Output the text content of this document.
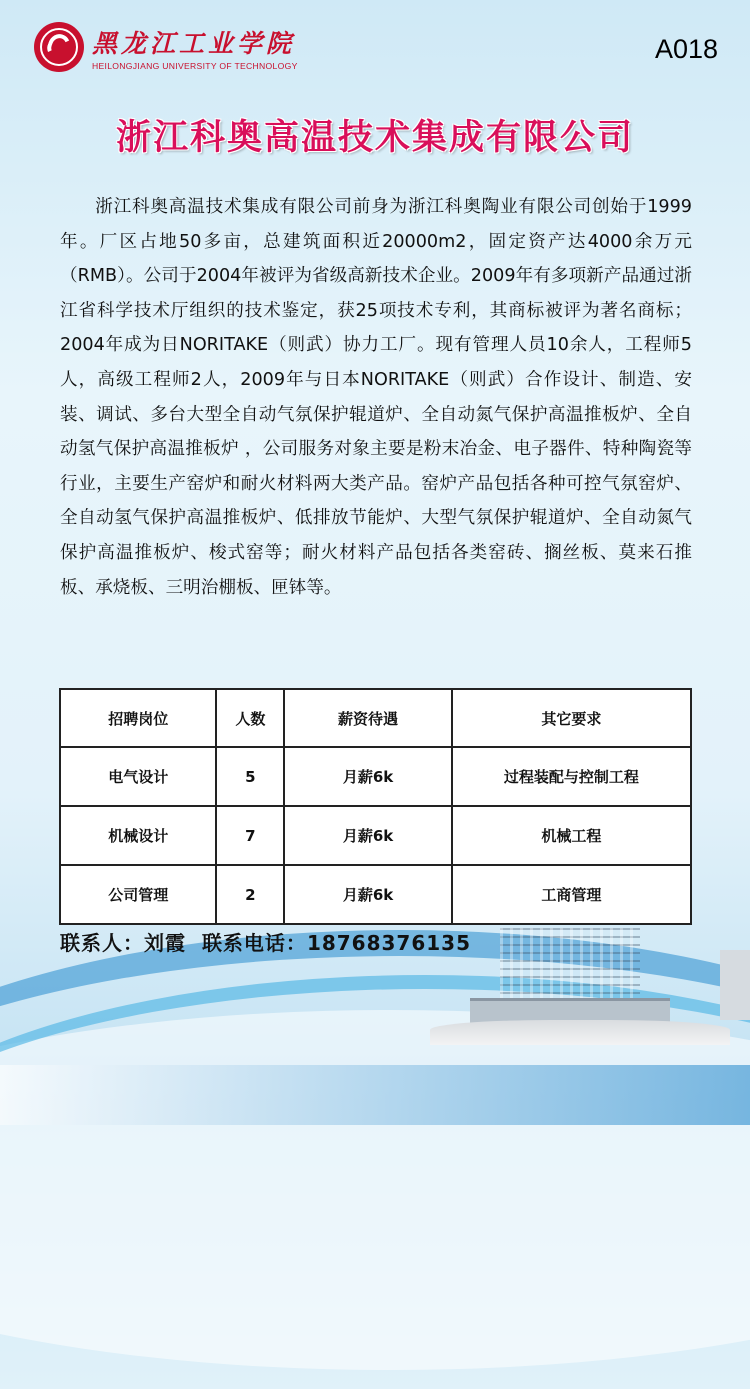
黑龙江工业学院
HEILONGJIANG UNIVERSITY OF TECHNOLOGY
A018
浙江科奥高温技术集成有限公司

浙江科奥高温技术集成有限公司前身为浙江科奥陶业有限公司创始于1999年。厂区占地50多亩，总建筑面积近20000m2，固定资产达4000余万元（RMB）。公司于2004年被评为省级高新技术企业。2009年有多项新产品通过浙江省科学技术厅组织的技术鉴定，获25项技术专利，其商标被评为著名商标；2004年成为日NORITAKE（则武）协力工厂。现有管理人员10余人，工程师5人，高级工程师2人，2009年与日本NORITAKE（则武）合作设计、制造、安装、调试、多台大型全自动气氛保护辊道炉、全自动氮气保护高温推板炉、全自动氢气保护高温推板炉 ，公司服务对象主要是粉末冶金、电子器件、特种陶瓷等行业，主要生产窑炉和耐火材料两大类产品。窑炉产品包括各种可控气氛窑炉、全自动氢气保护高温推板炉、低排放节能炉、大型气氛保护辊道炉、全自动氮气保护高温推板炉、梭式窑等；耐火材料产品包括各类窑砖、搁丝板、莫来石推板、承烧板、三明治棚板、匣钵等。

招聘岗位	人数	薪资待遇	其它要求
电气设计	5	月薪6k	过程装配与控制工程
机械设计	7	月薪6k	机械工程
公司管理	2	月薪6k	工商管理
联系人：刘霞 联系电话：18768376135
